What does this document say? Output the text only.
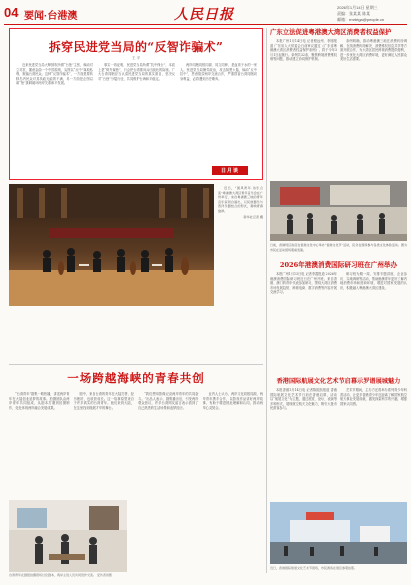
04 要闻·台港澳	人民日报	2026年1月14日 星期三
责编：张某某 陈某
邮箱：rmrbtga@people.cn
拆穿民进党当局的“反智诈骗术”
王 平

近来民进党当局大肆鼓吹所谓“台独”主张，煽动对立对抗，蓄意歪曲一个中国原则，妄图以“反中”谋取私利，欺骗台湾民众。这种“反智诈骗术”，一方面是要转移岛内民众对其执政无能的不满，另一方面是企图以谋“独”挑衅破坏两岸关系和平发展。

事实一再证明，民进党当局所谓“抗中保台”，本质上是“倚外谋独”，只会把台湾推向兵凶战危的险境。广大台湾同胞应当认清民进党当局的真实面目，坚决反对“台独”分裂行径，共同维护台海和平稳定。

两岸同胞同根同源、同文同种，是血浓于水的一家人。民进党当局操弄政治，攻击抹黑大陆，煽动“反中抗中”，恶意阻挠两岸交流合作，严重损害台湾同胞切身利益，必将遭到历史唾弃。

日月谈
广东立法促进粤港澳大湾区消费者权益保护

本报广州1月14日电 记者程远州、李刚报道 广东省人大常委会日前审议通过《广东省粤港澳大湾区消费者权益保护条例》，将于今年3月1日起施行。条例共32条，聚焦跨境消费维权难等问题，推动建立协同保护机制。

条例明确，推动粤港澳三地在消费纠纷调解、在线消费纠纷解决、消费维权信息共享等方面开展合作，为大湾区居民跨境消费提供便利，进一步优化大湾区消费环境，更好满足人民群众美好生活需要。

近日，“国风青年·诗乐合流”粤港澳大湾区青年音乐会在广州举行，来自粤港澳三地的青年音乐家同台演出，以民族器乐与西洋乐器结合的形式，奏响青春旋律。

新华社记者 摄

日前，香港特区政府在香港文化中心举办“香港文化节”活动，民众在现场参与各类文化体验活动。图为市民在活动现场观看表演。

2026年港澳消费国际研习班在广州举办

本报广州1月13日电 记者李霞报道 2026年港澳消费国际研习班近日在广州开班。来自香港、澳门的青年代表参加研习，围绕大湾区消费市场发展趋势、跨境电商、数字消费等内容开展交流学习。

研习班为期一周，安排专题讲座、企业参访、实地调研等活动，帮助港澳青年更好了解内地消费市场和营商环境，增进对国家发展的认识，积极融入粤港澳大湾区建设。

一场跨越海峡的青春共创

“台湾青年”剧集一路热播，讲述两岸青年在大陆创业追梦的故事。拍摄团队由两岸青年共同组成，从剧本打磨到拍摄制作，处处体现两岸融合发展成果。

剧中，来自台湾的青年在大陆打拼，经历挫折，也收获成长。这一故事原型来自于许多真实的台湾青年。他们来到大陆，在这里找到施展才华的舞台。

“我们想用影像记录两岸青年的共同奋斗。”出品人表示，剧集播出后，引发两岸观众热议，许多台湾网友留言表示看到了自己熟悉的生活场景和追梦经历。

业内人士认为，两岸文化同根同源，两岸青年携手合作，以影视作品讲好两岸故事，有助于增进彼此理解和认同，推动两岸心灵契合。

台湾青年在剧组拍摄现场讨论剧本，两岸主创人员共同创作交流。 受访者供图
香港国际航展文化艺术节启幕示罗谱展城魅力

本报香港1月14日电 记者陈振凯报道 香港国际航展文化艺术节日前在香港启幕，活动以“航展文化”为主题，通过展览、论坛、表演等多种形式，展现航空航天文化魅力，吸引大批市民游客参与。

艺术节期间，主办方还将举办系列青少年科普活动，让更多香港青少年近距离了解国家航空航天事业发展成就，激发探索科学的兴趣，增强国家认同感。

近日，香港国际航展文化艺术节现场，市民游客在展区参观拍照。
